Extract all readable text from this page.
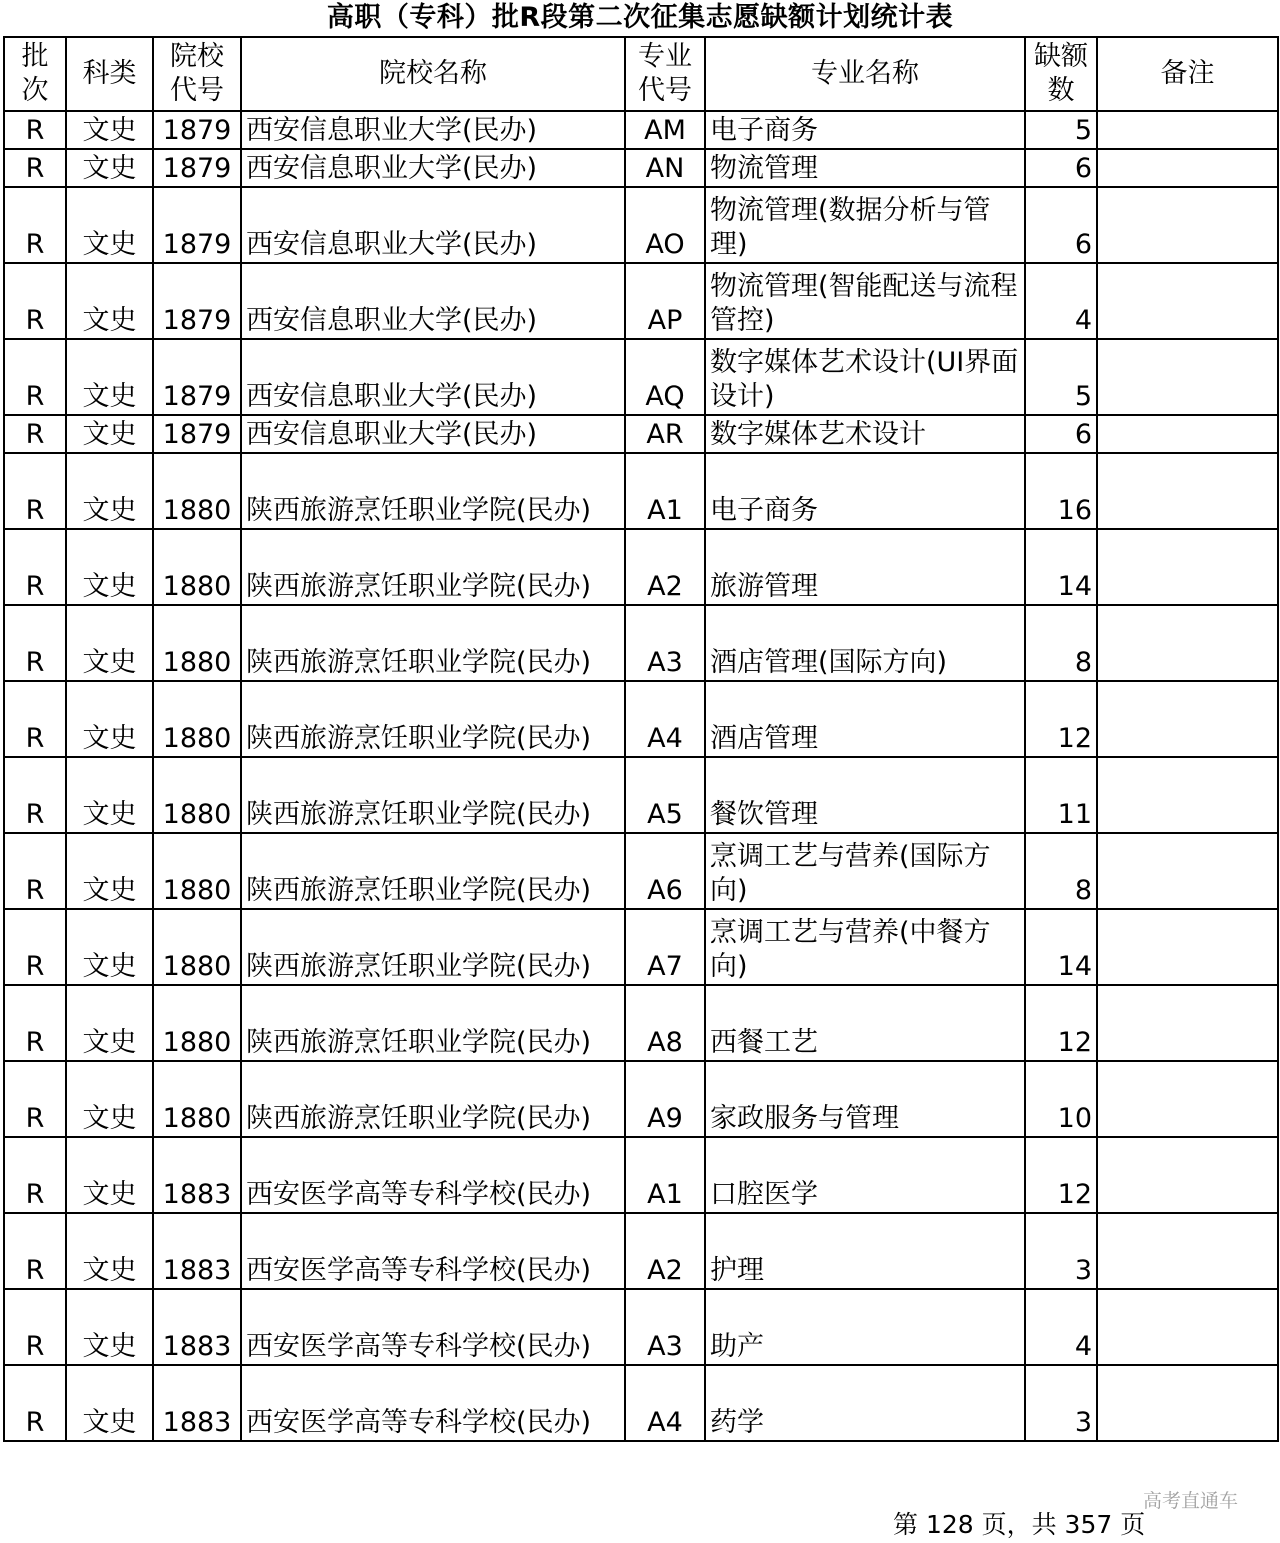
高职（专科）批R段第二次征集志愿缺额计划统计表
批次	科类	院校代号	院校名称	专业代号	专业名称	缺额数	备注
R	文史	1879	西安信息职业大学(民办)	AM	电子商务	5	
R	文史	1879	西安信息职业大学(民办)	AN	物流管理	6	
R	文史	1879	西安信息职业大学(民办)	AO	物流管理(数据分析与管理)	6	
R	文史	1879	西安信息职业大学(民办)	AP	物流管理(智能配送与流程管控)	4	
R	文史	1879	西安信息职业大学(民办)	AQ	数字媒体艺术设计(UI界面设计)	5	
R	文史	1879	西安信息职业大学(民办)	AR	数字媒体艺术设计	6	
R	文史	1880	陕西旅游烹饪职业学院(民办)	A1	电子商务	16	
R	文史	1880	陕西旅游烹饪职业学院(民办)	A2	旅游管理	14	
R	文史	1880	陕西旅游烹饪职业学院(民办)	A3	酒店管理(国际方向)	8	
R	文史	1880	陕西旅游烹饪职业学院(民办)	A4	酒店管理	12	
R	文史	1880	陕西旅游烹饪职业学院(民办)	A5	餐饮管理	11	
R	文史	1880	陕西旅游烹饪职业学院(民办)	A6	烹调工艺与营养(国际方向)	8	
R	文史	1880	陕西旅游烹饪职业学院(民办)	A7	烹调工艺与营养(中餐方向)	14	
R	文史	1880	陕西旅游烹饪职业学院(民办)	A8	西餐工艺	12	
R	文史	1880	陕西旅游烹饪职业学院(民办)	A9	家政服务与管理	10	
R	文史	1883	西安医学高等专科学校(民办)	A1	口腔医学	12	
R	文史	1883	西安医学高等专科学校(民办)	A2	护理	3	
R	文史	1883	西安医学高等专科学校(民办)	A3	助产	4	
R	文史	1883	西安医学高等专科学校(民办)	A4	药学	3	
高考直通车
第 128 页，共 357 页
